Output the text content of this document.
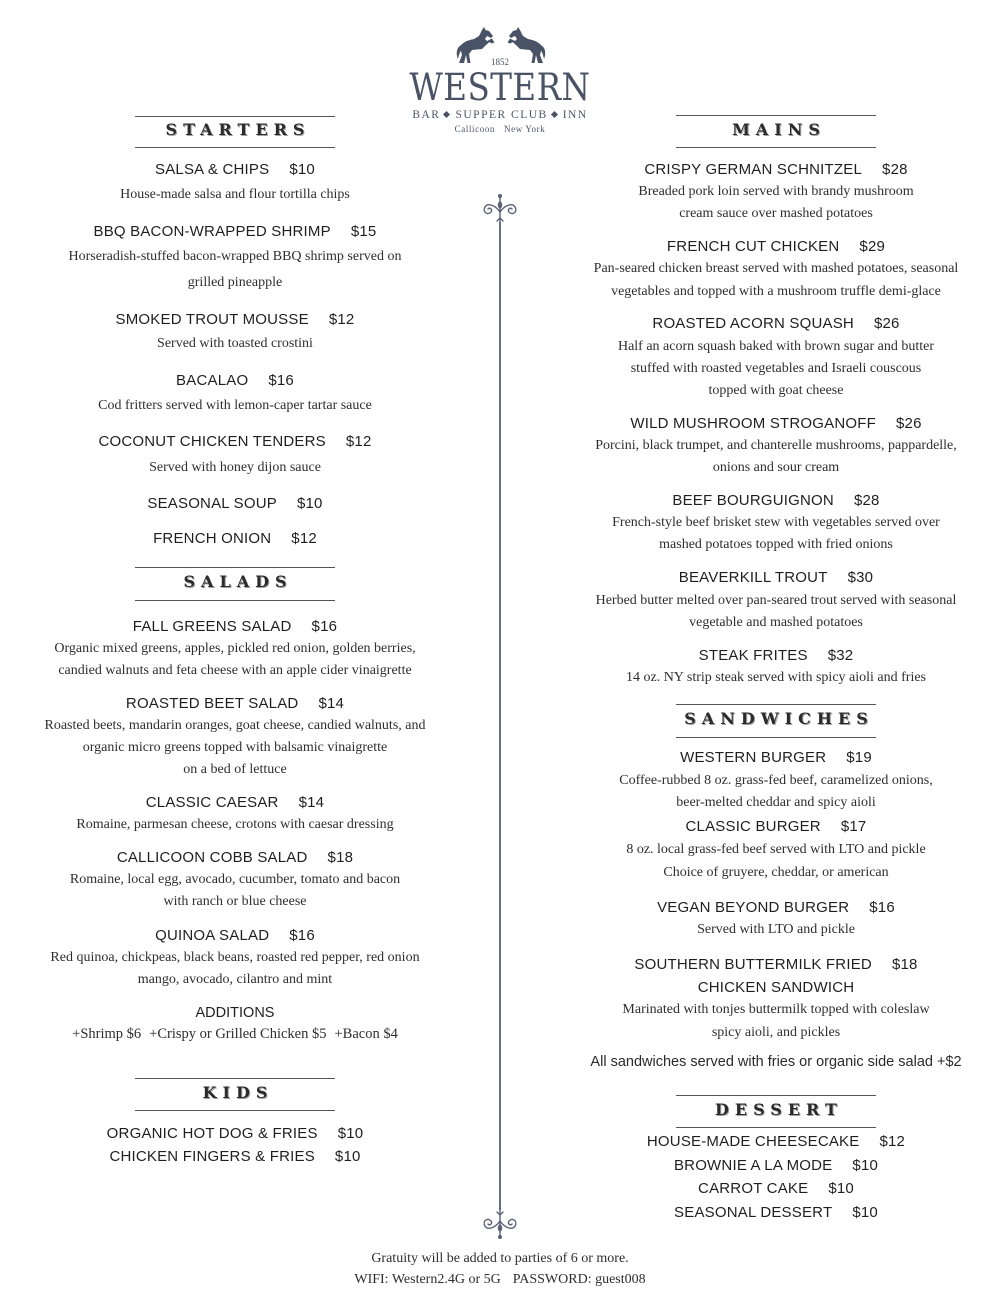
1852
WESTERN
BAR SUPPER CLUB INN
Callicoon New York
STARTERS
SALSA & CHIPS $10
House-made salsa and flour tortilla chips
BBQ BACON-WRAPPED SHRIMP $15
Horseradish-stuffed bacon-wrapped BBQ shrimp served on
grilled pineapple
SMOKED TROUT MOUSSE $12
Served with toasted crostini
BACALAO $16
Cod fritters served with lemon-caper tartar sauce
COCONUT CHICKEN TENDERS $12
Served with honey dijon sauce
SEASONAL SOUP $10
FRENCH ONION $12
SALADS
FALL GREENS SALAD $16
Organic mixed greens, apples, pickled red onion, golden berries,
candied walnuts and feta cheese with an apple cider vinaigrette
ROASTED BEET SALAD $14
Roasted beets, mandarin oranges, goat cheese, candied walnuts, and
organic micro greens topped with balsamic vinaigrette
on a bed of lettuce
CLASSIC CAESAR $14
Romaine, parmesan cheese, crotons with caesar dressing
CALLICOON COBB SALAD $18
Romaine, local egg, avocado, cucumber, tomato and bacon
with ranch or blue cheese
QUINOA SALAD $16
Red quinoa, chickpeas, black beans, roasted red pepper, red onion
mango, avocado, cilantro and mint
ADDITIONS
+Shrimp $6 +Crispy or Grilled Chicken $5 +Bacon $4
KIDS
ORGANIC HOT DOG & FRIES $10
CHICKEN FINGERS & FRIES $10
MAINS
CRISPY GERMAN SCHNITZEL $28
Breaded pork loin served with brandy mushroom
cream sauce over mashed potatoes
FRENCH CUT CHICKEN $29
Pan-seared chicken breast served with mashed potatoes, seasonal
vegetables and topped with a mushroom truffle demi-glace
ROASTED ACORN SQUASH $26
Half an acorn squash baked with brown sugar and butter
stuffed with roasted vegetables and Israeli couscous
topped with goat cheese
WILD MUSHROOM STROGANOFF $26
Porcini, black trumpet, and chanterelle mushrooms, pappardelle,
onions and sour cream
BEEF BOURGUIGNON $28
French-style beef brisket stew with vegetables served over
mashed potatoes topped with fried onions
BEAVERKILL TROUT $30
Herbed butter melted over pan-seared trout served with seasonal
vegetable and mashed potatoes
STEAK FRITES $32
14 oz. NY strip steak served with spicy aioli and fries
SANDWICHES
WESTERN BURGER $19
Coffee-rubbed 8 oz. grass-fed beef, caramelized onions,
beer-melted cheddar and spicy aioli
CLASSIC BURGER $17
8 oz. local grass-fed beef served with LTO and pickle
Choice of gruyere, cheddar, or american
VEGAN BEYOND BURGER $16
Served with LTO and pickle
SOUTHERN BUTTERMILK FRIED $18
CHICKEN SANDWICH
Marinated with tonjes buttermilk topped with coleslaw
spicy aioli, and pickles
All sandwiches served with fries or organic side salad +$2
DESSERT
HOUSE-MADE CHEESECAKE $12
BROWNIE A LA MODE $10
CARROT CAKE $10
SEASONAL DESSERT $10
Gratuity will be added to parties of 6 or more.
WIFI: Western2.4G or 5G PASSWORD: guest008
